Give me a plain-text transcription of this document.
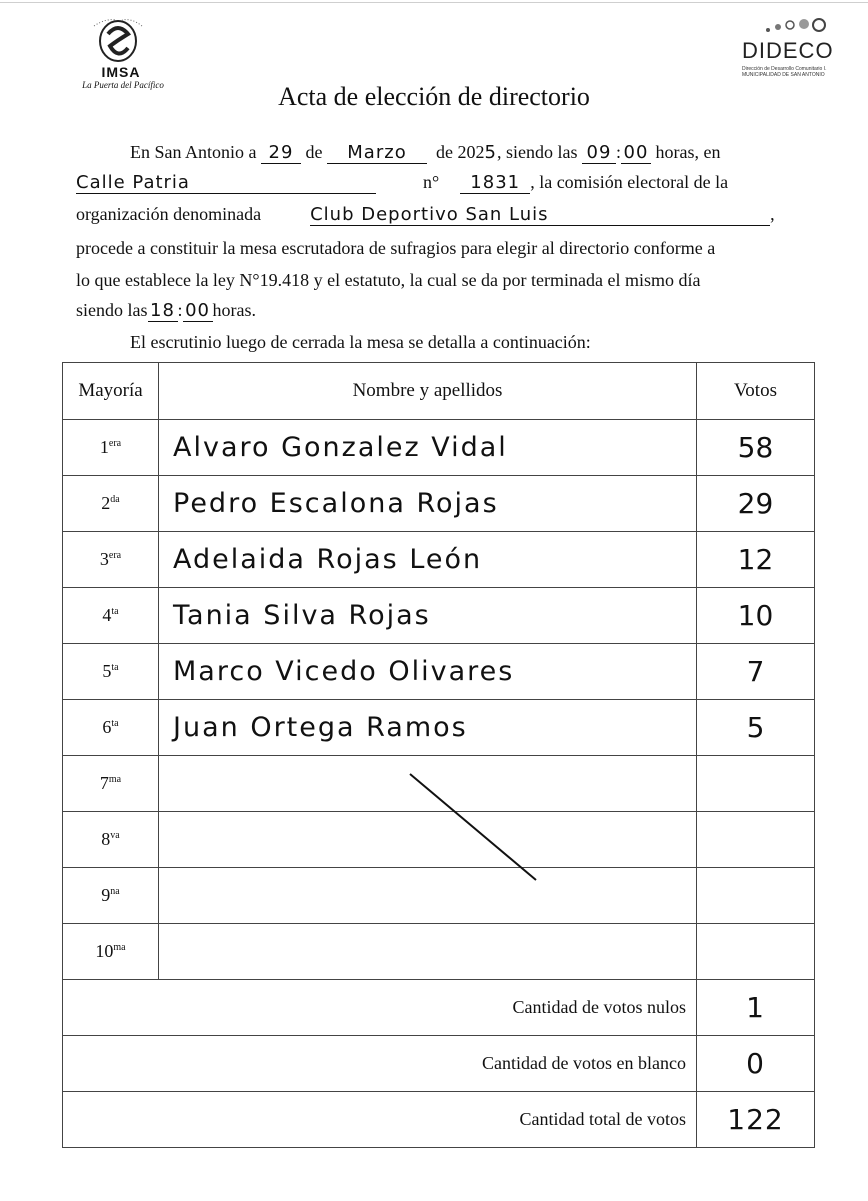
IMSA
La Puerta del Pacífico
DIDECO
Dirección de Desarrollo Comunitario I. MUNICIPALIDAD DE SAN ANTONIO
Acta de elección de directorio
En San Antonio a 29 de Marzo de 2025, siendo las 09 : 00 horas, en
Calle Patria	n° 1831 , la comisión electoral de la
organización denominada	Club Deportivo San Luis	,
procede a constituir la mesa escrutadora de sufragios para elegir al directorio conforme a
lo que establece la ley N°19.418 y el estatuto, la cual se da por terminada el mismo día
siendo las 18 : 00 horas.
El escrutinio luego de cerrada la mesa se detalla a continuación:
Mayoría	Nombre y apellidos	Votos
$1^{era}$	Alvaro Gonzalez Vidal	58
$2^{da}$	Pedro Escalona Rojas	29
$3^{era}$	Adelaida Rojas León	12
$4^{ta}$	Tania Silva Rojas	10
$5^{ta}$	Marco Vicedo Olivares	7
$6^{ta}$	Juan Ortega Ramos	5
$7^{ma}$		
$8^{va}$		
$9^{na}$		
$10^{ma}$		
Cantidad de votos nulos		1
Cantidad de votos en blanco		0
Cantidad total de votos		122
